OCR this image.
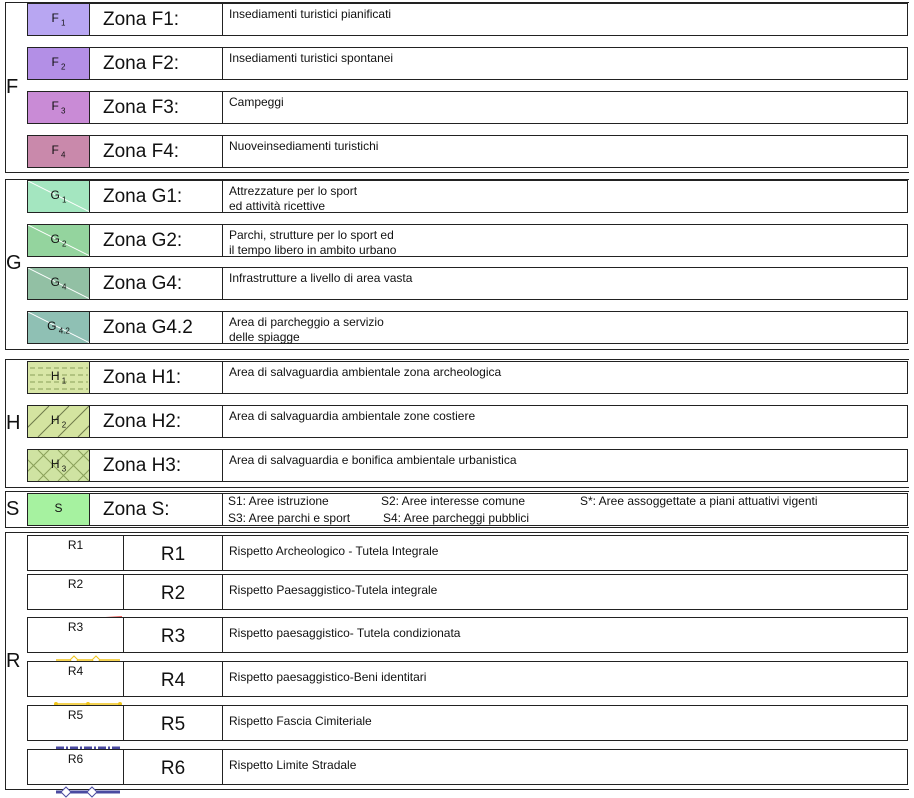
F
G
H
S
R
F $_1$	Zona F1:	Insediamenti turistici pianificati
F $_2$	Zona F2:	Insediamenti turistici spontanei
F $_3$	Zona F3:	Campeggi
F $_4$	Zona F4:	Nuoveinsediamenti turistichi
G $_1$	Zona G1:	Attrezzature per lo sport
ed attività ricettive
G $_2$	Zona G2:	Parchi, strutture per lo sport ed
il tempo libero in ambito urbano
G $_4$	Zona G4:	Infrastrutture a livello di area vasta
G $_{4.2}$	Zona G4.2	Area di parcheggio a servizio
delle spiagge
H $_1$	Zona H1:	Area di salvaguardia ambientale zona archeologica
H $_2$	Zona H2:	Area di salvaguardia ambientale zone costiere
H $_3$	Zona H3:	Area di salvaguardia e bonifica ambientale urbanistica
S	Zona S:	S1: Aree istruzione	S2: Aree interesse comune	S*: Aree assoggettate a piani attuativi vigenti
S3: Aree parchi e sport	S4: Aree parcheggi pubblici
R1	R1	Rispetto Archeologico - Tutela Integrale
R2	R2	Rispetto Paesaggistico-Tutela integrale
R3	R3	Rispetto paesaggistico- Tutela condizionata
R4	R4	Rispetto paesaggistico-Beni identitari
R5	R5	Rispetto Fascia Cimiteriale
R6	R6	Rispetto Limite Stradale
